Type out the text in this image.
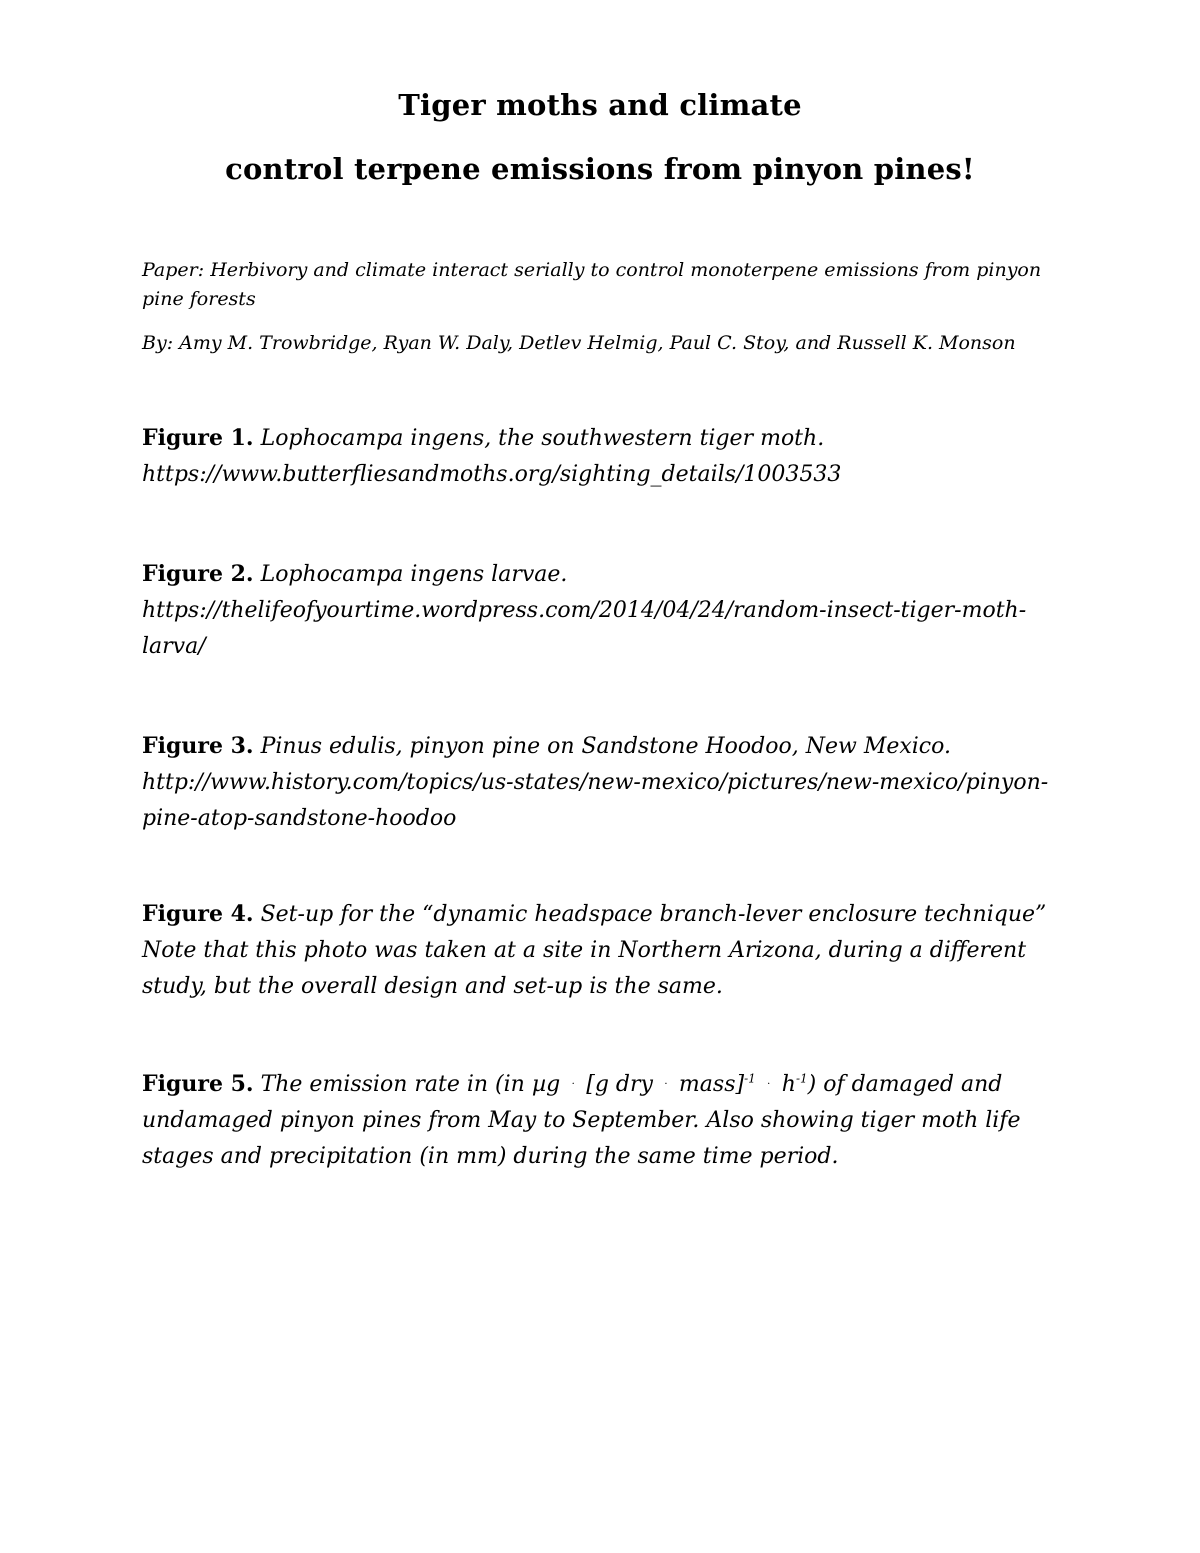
Tiger moths and climate
control terpene emissions from pinyon pines!
Paper: Herbivory and climate interact serially to control monoterpene emissions from pinyon pine forests
By: Amy M. Trowbridge, Ryan W. Daly, Detlev Helmig, Paul C. Stoy, and Russell K. Monson
Figure 1. Lophocampa ingens, the southwestern tiger moth.
https://www.butterfliesandmoths.org/sighting_details/1003533
Figure 2. Lophocampa ingens larvae.
https://thelifeofyourtime.wordpress.com/2014/04/24/random-insect-tiger-moth-larva/
Figure 3. Pinus edulis, pinyon pine on Sandstone Hoodoo, New Mexico.
http://www.history.com/topics/us-states/new-mexico/pictures/new-mexico/pinyon-pine-atop-sandstone-hoodoo
Figure 4. Set-up for the “dynamic headspace branch-lever enclosure technique” Note that this photo was taken at a site in Northern Arizona, during a different study, but the overall design and set-up is the same.
Figure 5. The emission rate in (in µg · [g dry · mass]$^{-1}$ · $h^{-1}$) of damaged and undamaged pinyon pines from May to September. Also showing tiger moth life stages and precipitation (in mm) during the same time period.
